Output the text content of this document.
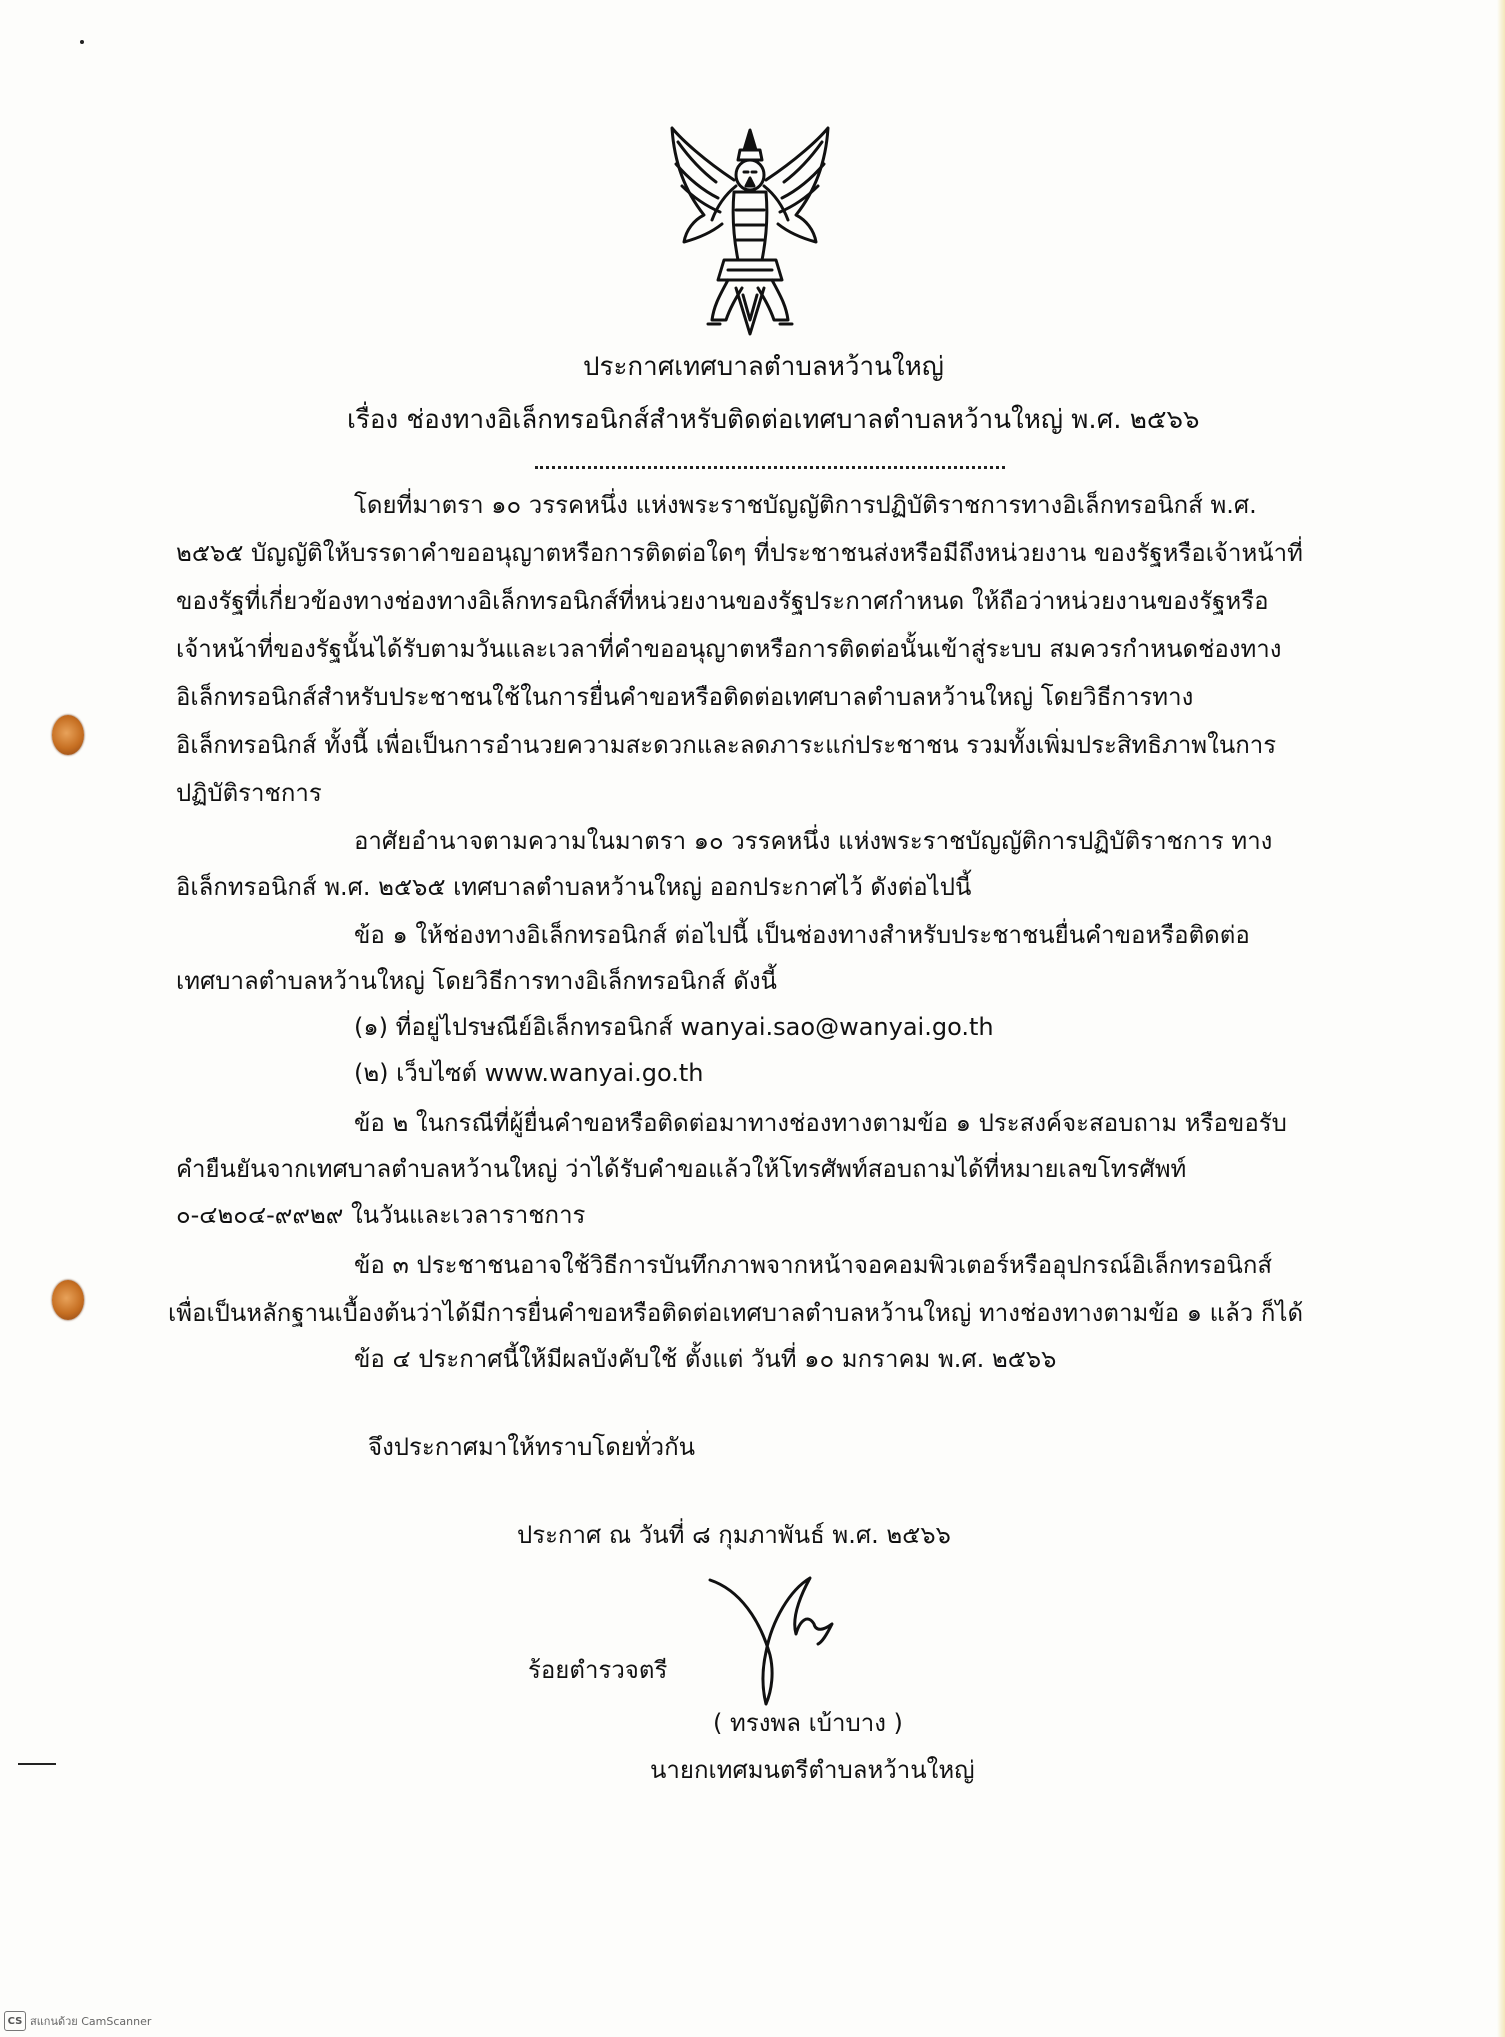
ประกาศเทศบาลตำบลหว้านใหญ่
เรื่อง ช่องทางอิเล็กทรอนิกส์สำหรับติดต่อเทศบาลตำบลหว้านใหญ่ พ.ศ. ๒๕๖๖
โดยที่มาตรา ๑๐ วรรคหนึ่ง แห่งพระราชบัญญัติการปฏิบัติราชการทางอิเล็กทรอนิกส์ พ.ศ.
๒๕๖๕ บัญญัติให้บรรดาคำขออนุญาตหรือการติดต่อใดๆ ที่ประชาชนส่งหรือมีถึงหน่วยงาน ของรัฐหรือเจ้าหน้าที่
ของรัฐที่เกี่ยวข้องทางช่องทางอิเล็กทรอนิกส์ที่หน่วยงานของรัฐประกาศกำหนด ให้ถือว่าหน่วยงานของรัฐหรือ
เจ้าหน้าที่ของรัฐนั้นได้รับตามวันและเวลาที่คำขออนุญาตหรือการติดต่อนั้นเข้าสู่ระบบ สมควรกำหนดช่องทาง
อิเล็กทรอนิกส์สำหรับประชาชนใช้ในการยื่นคำขอหรือติดต่อเทศบาลตำบลหว้านใหญ่ โดยวิธีการทาง
อิเล็กทรอนิกส์ ทั้งนี้ เพื่อเป็นการอำนวยความสะดวกและลดภาระแก่ประชาชน รวมทั้งเพิ่มประสิทธิภาพในการ
ปฏิบัติราชการ
อาศัยอำนาจตามความในมาตรา ๑๐ วรรคหนึ่ง แห่งพระราชบัญญัติการปฏิบัติราชการ ทาง
อิเล็กทรอนิกส์ พ.ศ. ๒๕๖๕ เทศบาลตำบลหว้านใหญ่ ออกประกาศไว้ ดังต่อไปนี้
ข้อ ๑ ให้ช่องทางอิเล็กทรอนิกส์ ต่อไปนี้ เป็นช่องทางสำหรับประชาชนยื่นคำขอหรือติดต่อ
เทศบาลตำบลหว้านใหญ่ โดยวิธีการทางอิเล็กทรอนิกส์ ดังนี้
(๑) ที่อยู่ไปรษณีย์อิเล็กทรอนิกส์ wanyai.sao@wanyai.go.th
(๒) เว็บไซต์ www.wanyai.go.th
ข้อ ๒ ในกรณีที่ผู้ยื่นคำขอหรือติดต่อมาทางช่องทางตามข้อ ๑ ประสงค์จะสอบถาม หรือขอรับ
คำยืนยันจากเทศบาลตำบลหว้านใหญ่ ว่าได้รับคำขอแล้วให้โทรศัพท์สอบถามได้ที่หมายเลขโทรศัพท์
๐-๔๒๐๔-๙๙๒๙ ในวันและเวลาราชการ
ข้อ ๓ ประชาชนอาจใช้วิธีการบันทึกภาพจากหน้าจอคอมพิวเตอร์หรืออุปกรณ์อิเล็กทรอนิกส์
เพื่อเป็นหลักฐานเบื้องต้นว่าได้มีการยื่นคำขอหรือติดต่อเทศบาลตำบลหว้านใหญ่ ทางช่องทางตามข้อ ๑ แล้ว ก็ได้
ข้อ ๔ ประกาศนี้ให้มีผลบังคับใช้ ตั้งแต่ วันที่ ๑๐ มกราคม พ.ศ. ๒๕๖๖
จึงประกาศมาให้ทราบโดยทั่วกัน
ประกาศ ณ วันที่ ๘ กุมภาพันธ์ พ.ศ. ๒๕๖๖
ร้อยตำรวจตรี
( ทรงพล เบ้าบาง )
นายกเทศมนตรีตำบลหว้านใหญ่
CS สแกนด้วย CamScanner
